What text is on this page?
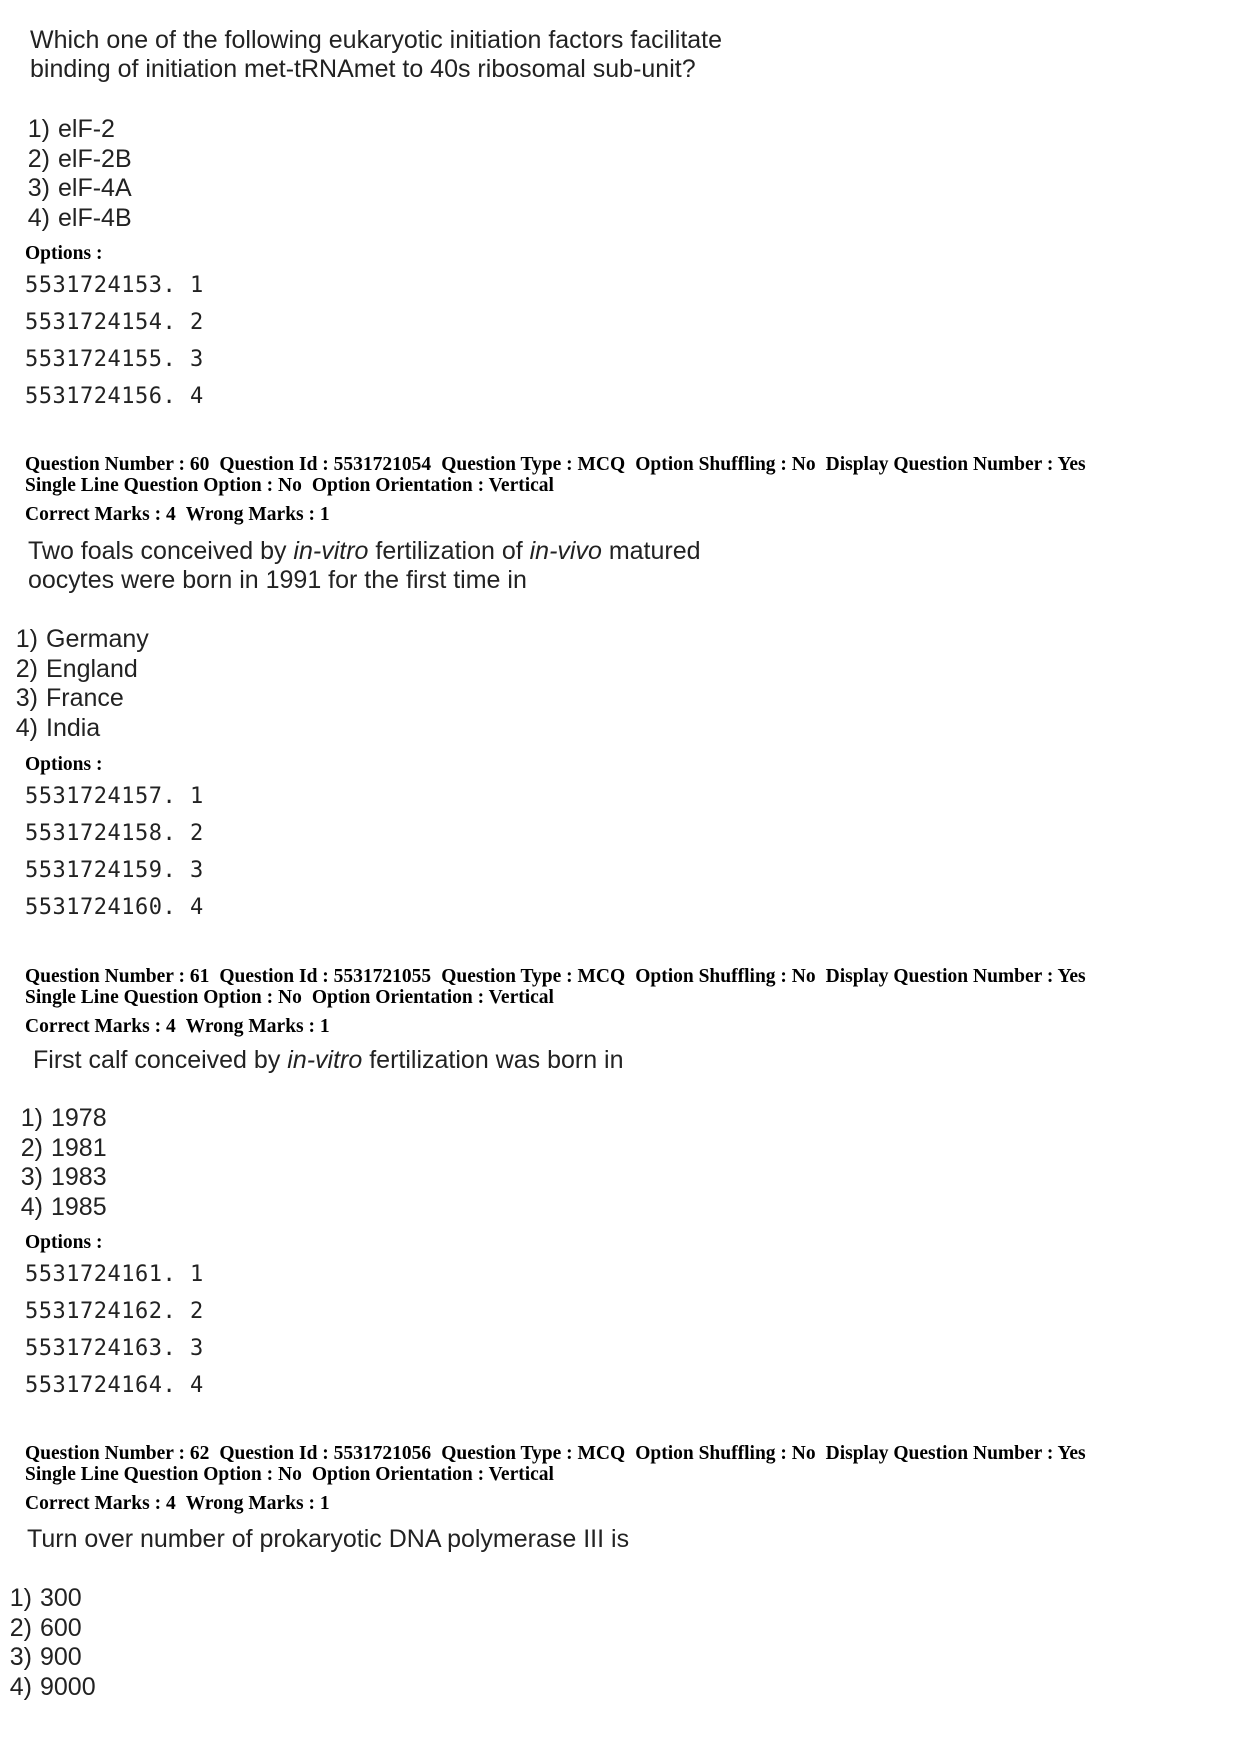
Which one of the following eukaryotic initiation factors facilitate
binding of initiation met-tRNAmet to 40s ribosomal sub-unit?
1) elF-2
2) elF-2B
3) elF-4A
4) elF-4B
Options :
5531724153. 1
5531724154. 2
5531724155. 3
5531724156. 4
Question Number : 60 Question Id : 5531721054 Question Type : MCQ Option Shuffling : No Display Question Number : Yes
Single Line Question Option : No Option Orientation : Vertical
Correct Marks : 4 Wrong Marks : 1
Two foals conceived by in-vitro fertilization of in-vivo matured
oocytes were born in 1991 for the first time in
1) Germany
2) England
3) France
4) India
Options :
5531724157. 1
5531724158. 2
5531724159. 3
5531724160. 4
Question Number : 61 Question Id : 5531721055 Question Type : MCQ Option Shuffling : No Display Question Number : Yes
Single Line Question Option : No Option Orientation : Vertical
Correct Marks : 4 Wrong Marks : 1
First calf conceived by in-vitro fertilization was born in
1) 1978
2) 1981
3) 1983
4) 1985
Options :
5531724161. 1
5531724162. 2
5531724163. 3
5531724164. 4
Question Number : 62 Question Id : 5531721056 Question Type : MCQ Option Shuffling : No Display Question Number : Yes
Single Line Question Option : No Option Orientation : Vertical
Correct Marks : 4 Wrong Marks : 1
Turn over number of prokaryotic DNA polymerase III is
1) 300
2) 600
3) 900
4) 9000
